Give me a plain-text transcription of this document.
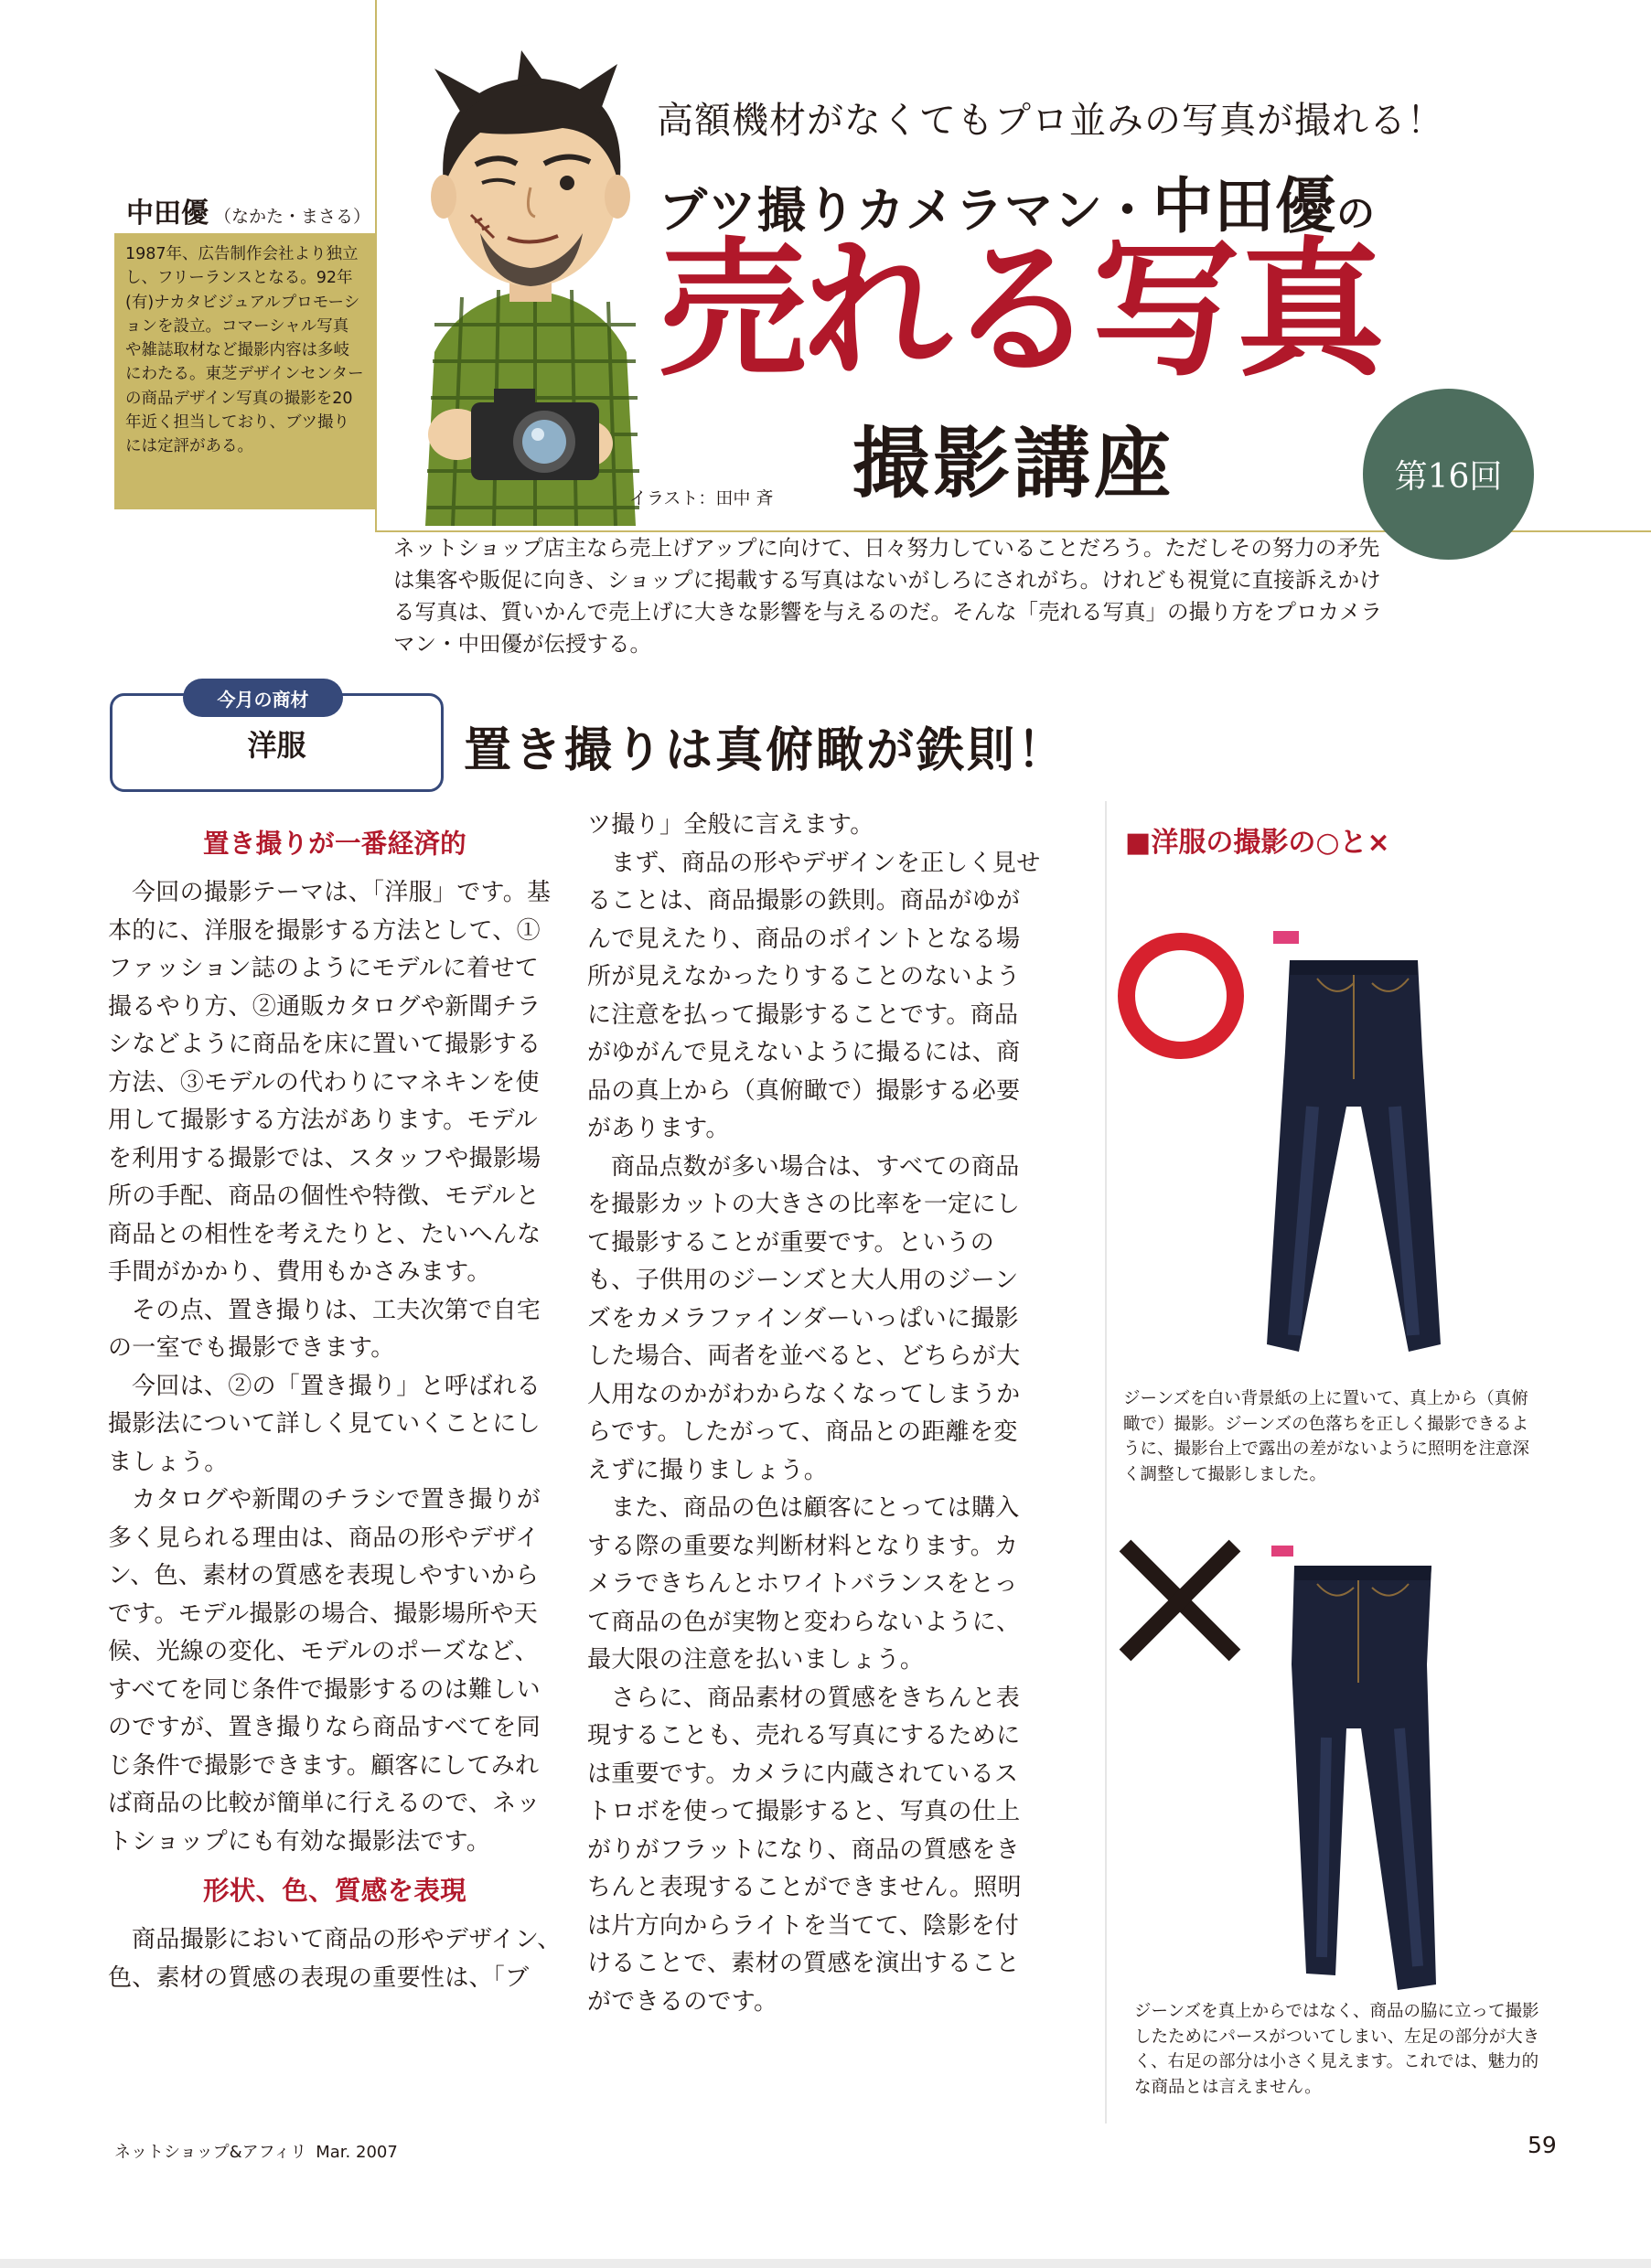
中田優 （なかた・まさる）
1987年、広告制作会社より独立し、フリーランスとなる。92年(有)ナカタビジュアルプロモーションを設立。コマーシャル写真や雑誌取材など撮影内容は多岐にわたる。東芝デザインセンターの商品デザイン写真の撮影を20年近く担当しており、ブツ撮りには定評がある。
高額機材がなくてもプロ並みの写真が撮れる！
ブツ撮りカメラマン・中田優の
売れる写真
撮影講座
イラスト：田中 斉
第16回
ネットショップ店主なら売上げアップに向けて、日々努力していることだろう。ただしその努力の矛先は集客や販促に向き、ショップに掲載する写真はないがしろにされがち。けれども視覚に直接訴えかける写真は、質いかんで売上げに大きな影響を与えるのだ。そんな「売れる写真」の撮り方をプロカメラマン・中田優が伝授する。
今月の商材
洋服	置き撮りは真俯瞰が鉄則！
置き撮りが一番経済的

今回の撮影テーマは、「洋服」です。基本的に、洋服を撮影する方法として、①ファッション誌のようにモデルに着せて撮るやり方、②通販カタログや新聞チラシなどように商品を床に置いて撮影する方法、③モデルの代わりにマネキンを使用して撮影する方法があります。モデルを利用する撮影では、スタッフや撮影場所の手配、商品の個性や特徴、モデルと商品との相性を考えたりと、たいへんな手間がかかり、費用もかさみます。

その点、置き撮りは、工夫次第で自宅の一室でも撮影できます。

今回は、②の「置き撮り」と呼ばれる撮影法について詳しく見ていくことにしましょう。

カタログや新聞のチラシで置き撮りが多く見られる理由は、商品の形やデザイン、色、素材の質感を表現しやすいからです。モデル撮影の場合、撮影場所や天候、光線の変化、モデルのポーズなど、すべてを同じ条件で撮影するのは難しいのですが、置き撮りなら商品すべてを同じ条件で撮影できます。顧客にしてみれば商品の比較が簡単に行えるので、ネットショップにも有効な撮影法です。

形状、色、質感を表現

商品撮影において商品の形やデザイン、色、素材の質感の表現の重要性は、「ブ

ツ撮り」全般に言えます。

まず、商品の形やデザインを正しく見せることは、商品撮影の鉄則。商品がゆがんで見えたり、商品のポイントとなる場所が見えなかったりすることのないように注意を払って撮影することです。商品がゆがんで見えないように撮るには、商品の真上から（真俯瞰で）撮影する必要があります。

商品点数が多い場合は、すべての商品を撮影カットの大きさの比率を一定にして撮影することが重要です。というのも、子供用のジーンズと大人用のジーンズをカメラファインダーいっぱいに撮影した場合、両者を並べると、どちらが大人用なのかがわからなくなってしまうからです。したがって、商品との距離を変えずに撮りましょう。

また、商品の色は顧客にとっては購入する際の重要な判断材料となります。カメラできちんとホワイトバランスをとって商品の色が実物と変わらないように、最大限の注意を払いましょう。

さらに、商品素材の質感をきちんと表現することも、売れる写真にするためには重要です。カメラに内蔵されているストロボを使って撮影すると、写真の仕上がりがフラットになり、商品の質感をきちんと表現することができません。照明は片方向からライトを当てて、陰影を付けることで、素材の質感を演出することができるのです。

■洋服の撮影の○と×
ジーンズを白い背景紙の上に置いて、真上から（真俯瞰で）撮影。ジーンズの色落ちを正しく撮影できるように、撮影台上で露出の差がないように照明を注意深く調整して撮影しました。
ジーンズを真上からではなく、商品の脇に立って撮影したためにパースがついてしまい、左足の部分が大きく、右足の部分は小さく見えます。これでは、魅力的な商品とは言えません。
ネットショップ&アフィリ Mar. 2007	59
